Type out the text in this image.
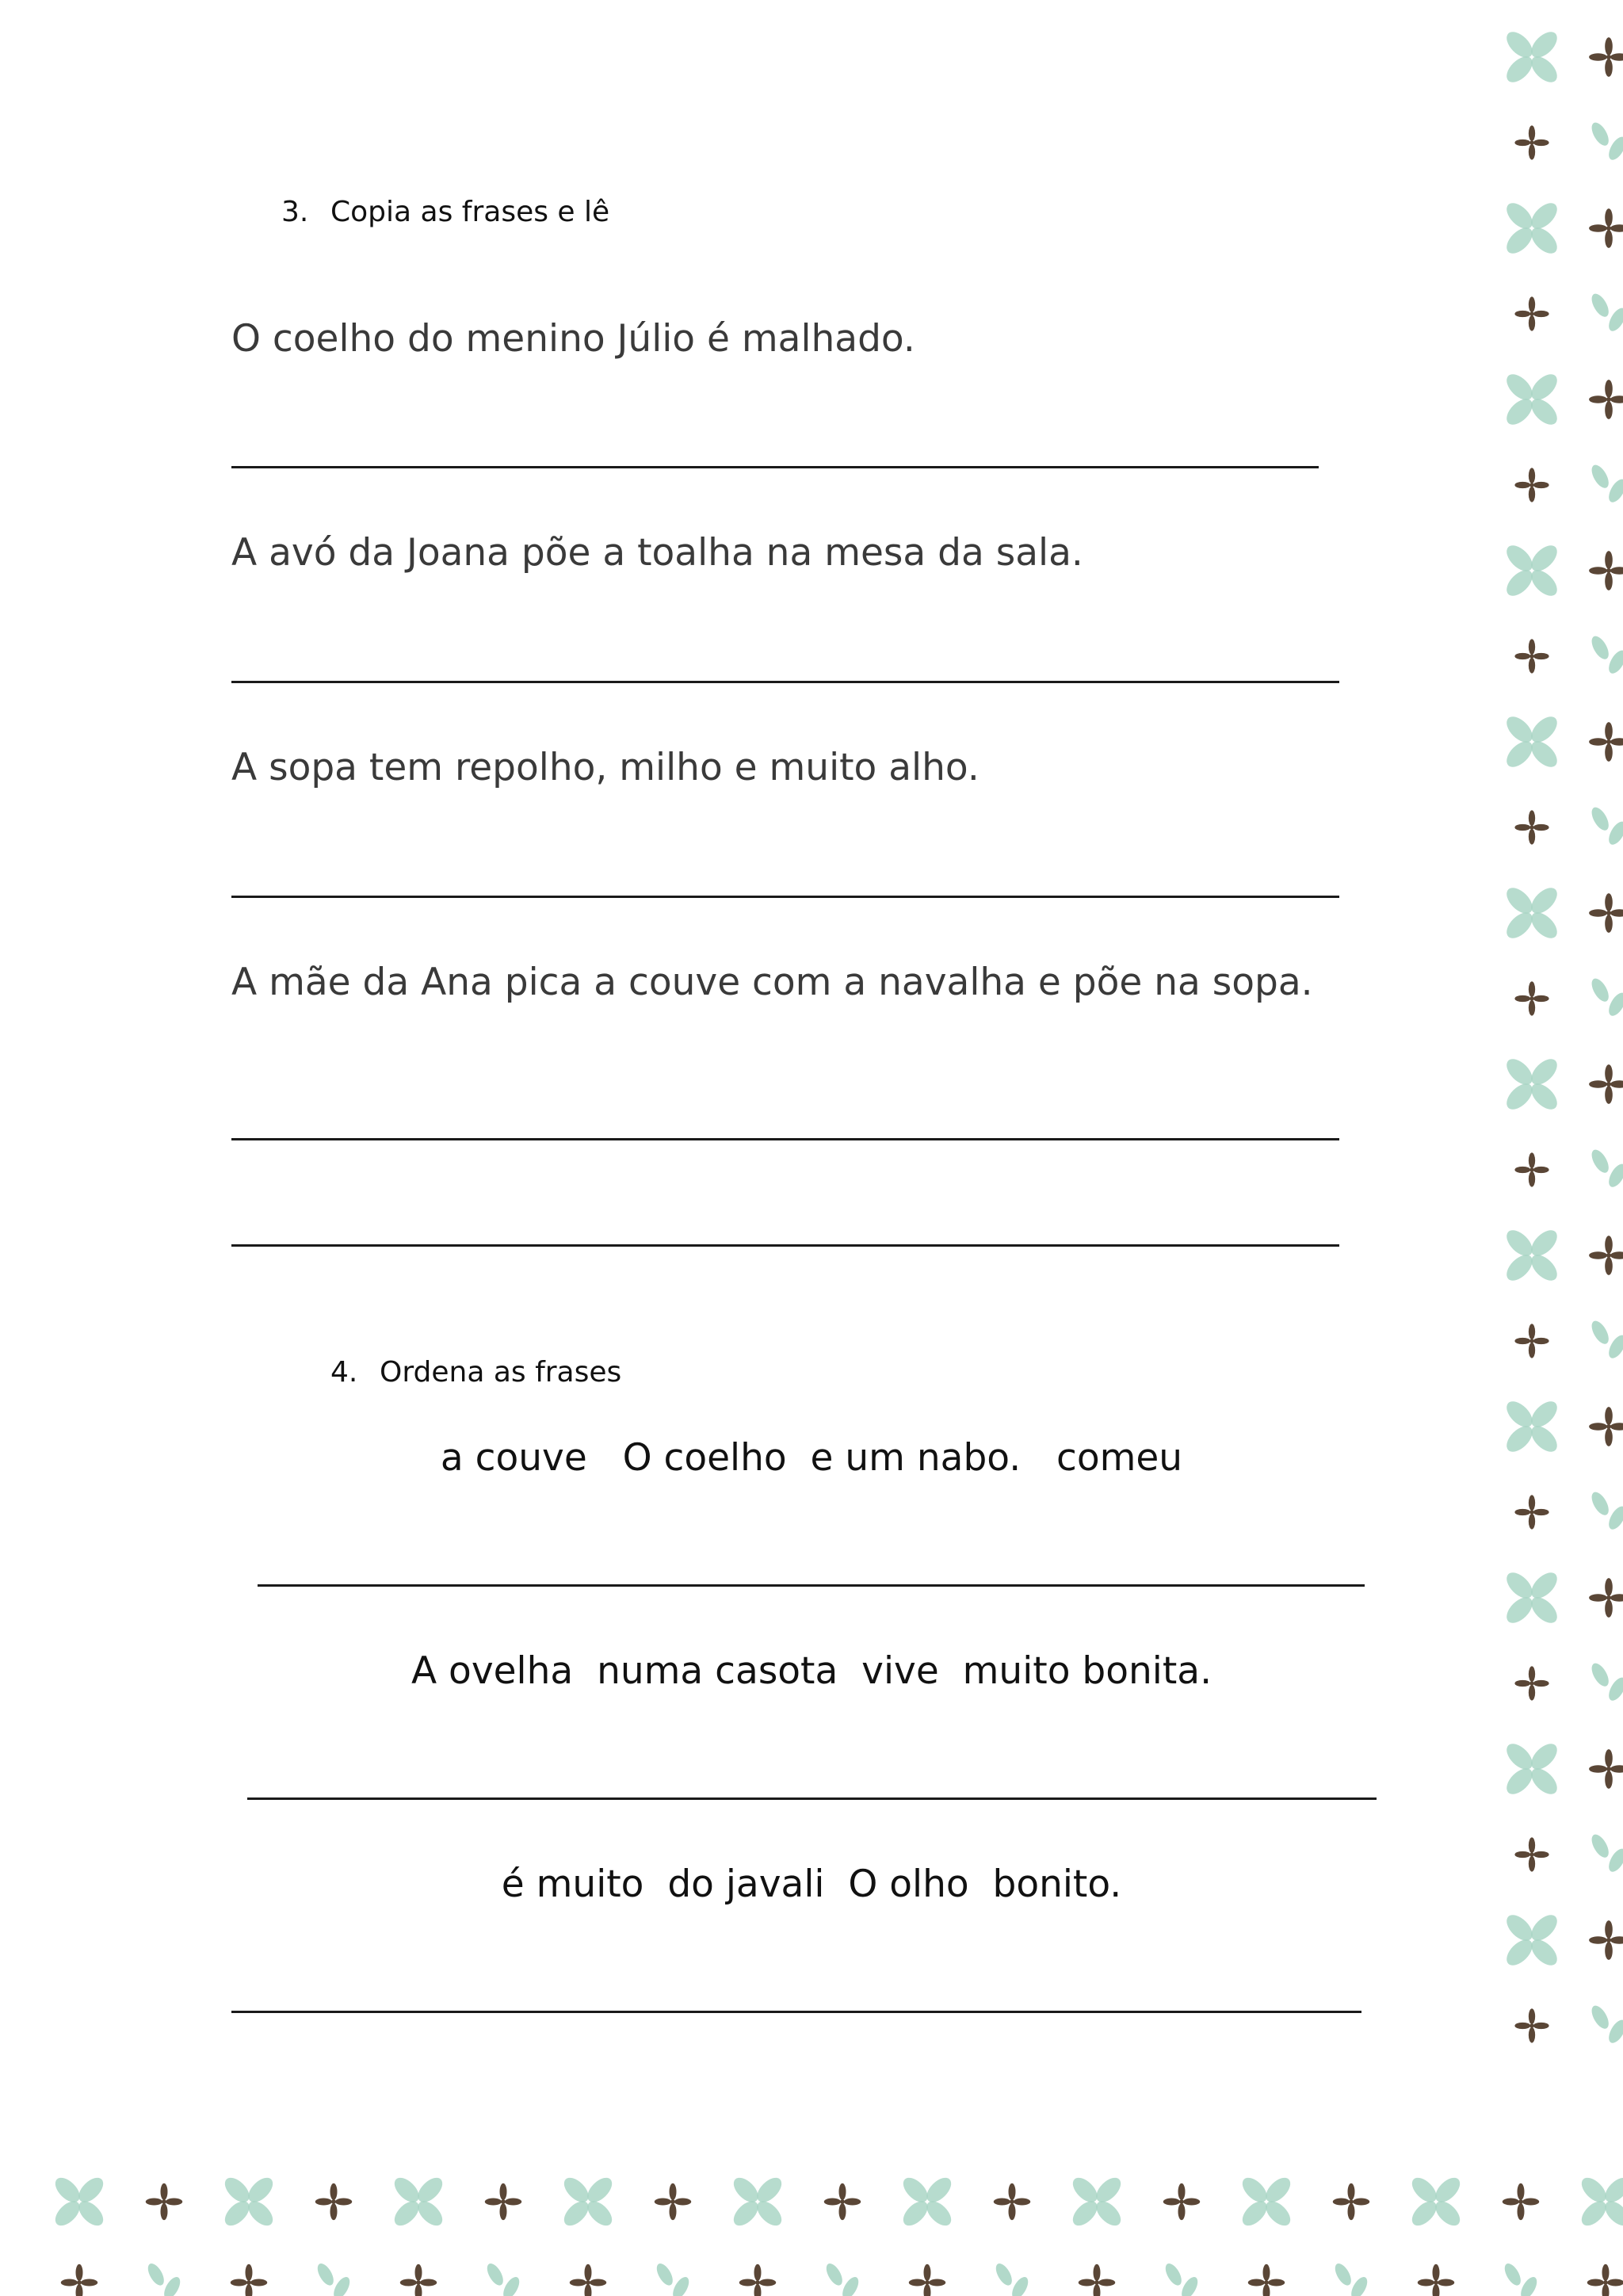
3. Copia as frases e lê
O coelho do menino Júlio é malhado.
A avó da Joana põe a toalha na mesa da sala.
A sopa tem repolho, milho e muito alho.
A mãe da Ana pica a couve com a navalha e põe na sopa.
4. Ordena as frases
a couve   O coelho  e um nabo.   comeu
A ovelha  numa casota  vive  muito bonita.
é muito  do javali  O olho  bonito.
